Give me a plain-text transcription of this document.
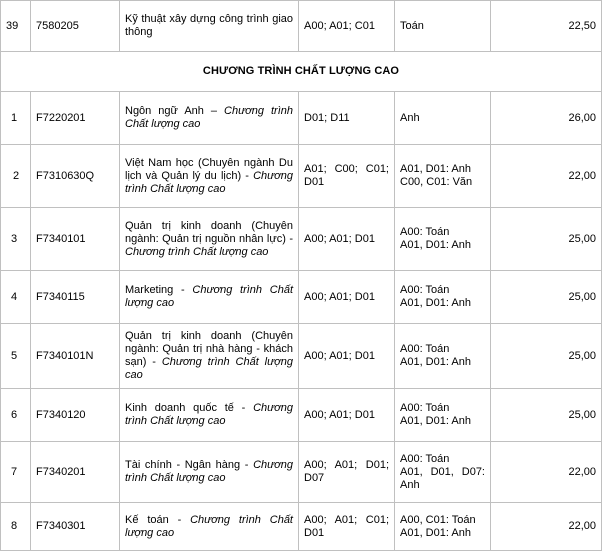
39	7580205	Kỹ thuật xây dựng công trình giao thông	A00; A01; C01	Toán	22,50
CHƯƠNG TRÌNH CHẤT LƯỢNG CAO					
1	F7220201	Ngôn ngữ Anh – Chương trình Chất lượng cao	D01; D11	Anh	26,00
2	F7310630Q	Việt Nam học (Chuyên ngành Du lịch và Quản lý du lịch) - Chương trình Chất lượng cao	A01; C00; C01; D01	A01, D01: Anh
C00, C01: Văn	22,00
3	F7340101	Quản trị kinh doanh (Chuyên ngành: Quản trị nguồn nhân lực) - Chương trình Chất lượng cao	A00; A01; D01	A00: Toán
A01, D01: Anh	25,00
4	F7340115	Marketing - Chương trình Chất lượng cao	A00; A01; D01	A00: Toán
A01, D01: Anh	25,00
5	F7340101N	Quản trị kinh doanh (Chuyên ngành: Quản trị nhà hàng - khách sạn) - Chương trình Chất lượng cao	A00; A01; D01	A00: Toán
A01, D01: Anh	25,00
6	F7340120	Kinh doanh quốc tế - Chương trình Chất lượng cao	A00; A01; D01	A00: Toán
A01, D01: Anh	25,00
7	F7340201	Tài chính - Ngân hàng - Chương trình Chất lượng cao	A00; A01; D01; D07	A00: Toán
A01, D01, D07: Anh	22,00
8	F7340301	Kế toán - Chương trình Chất lượng cao	A00; A01; C01; D01	A00, C01: Toán
A01, D01: Anh	22,00
